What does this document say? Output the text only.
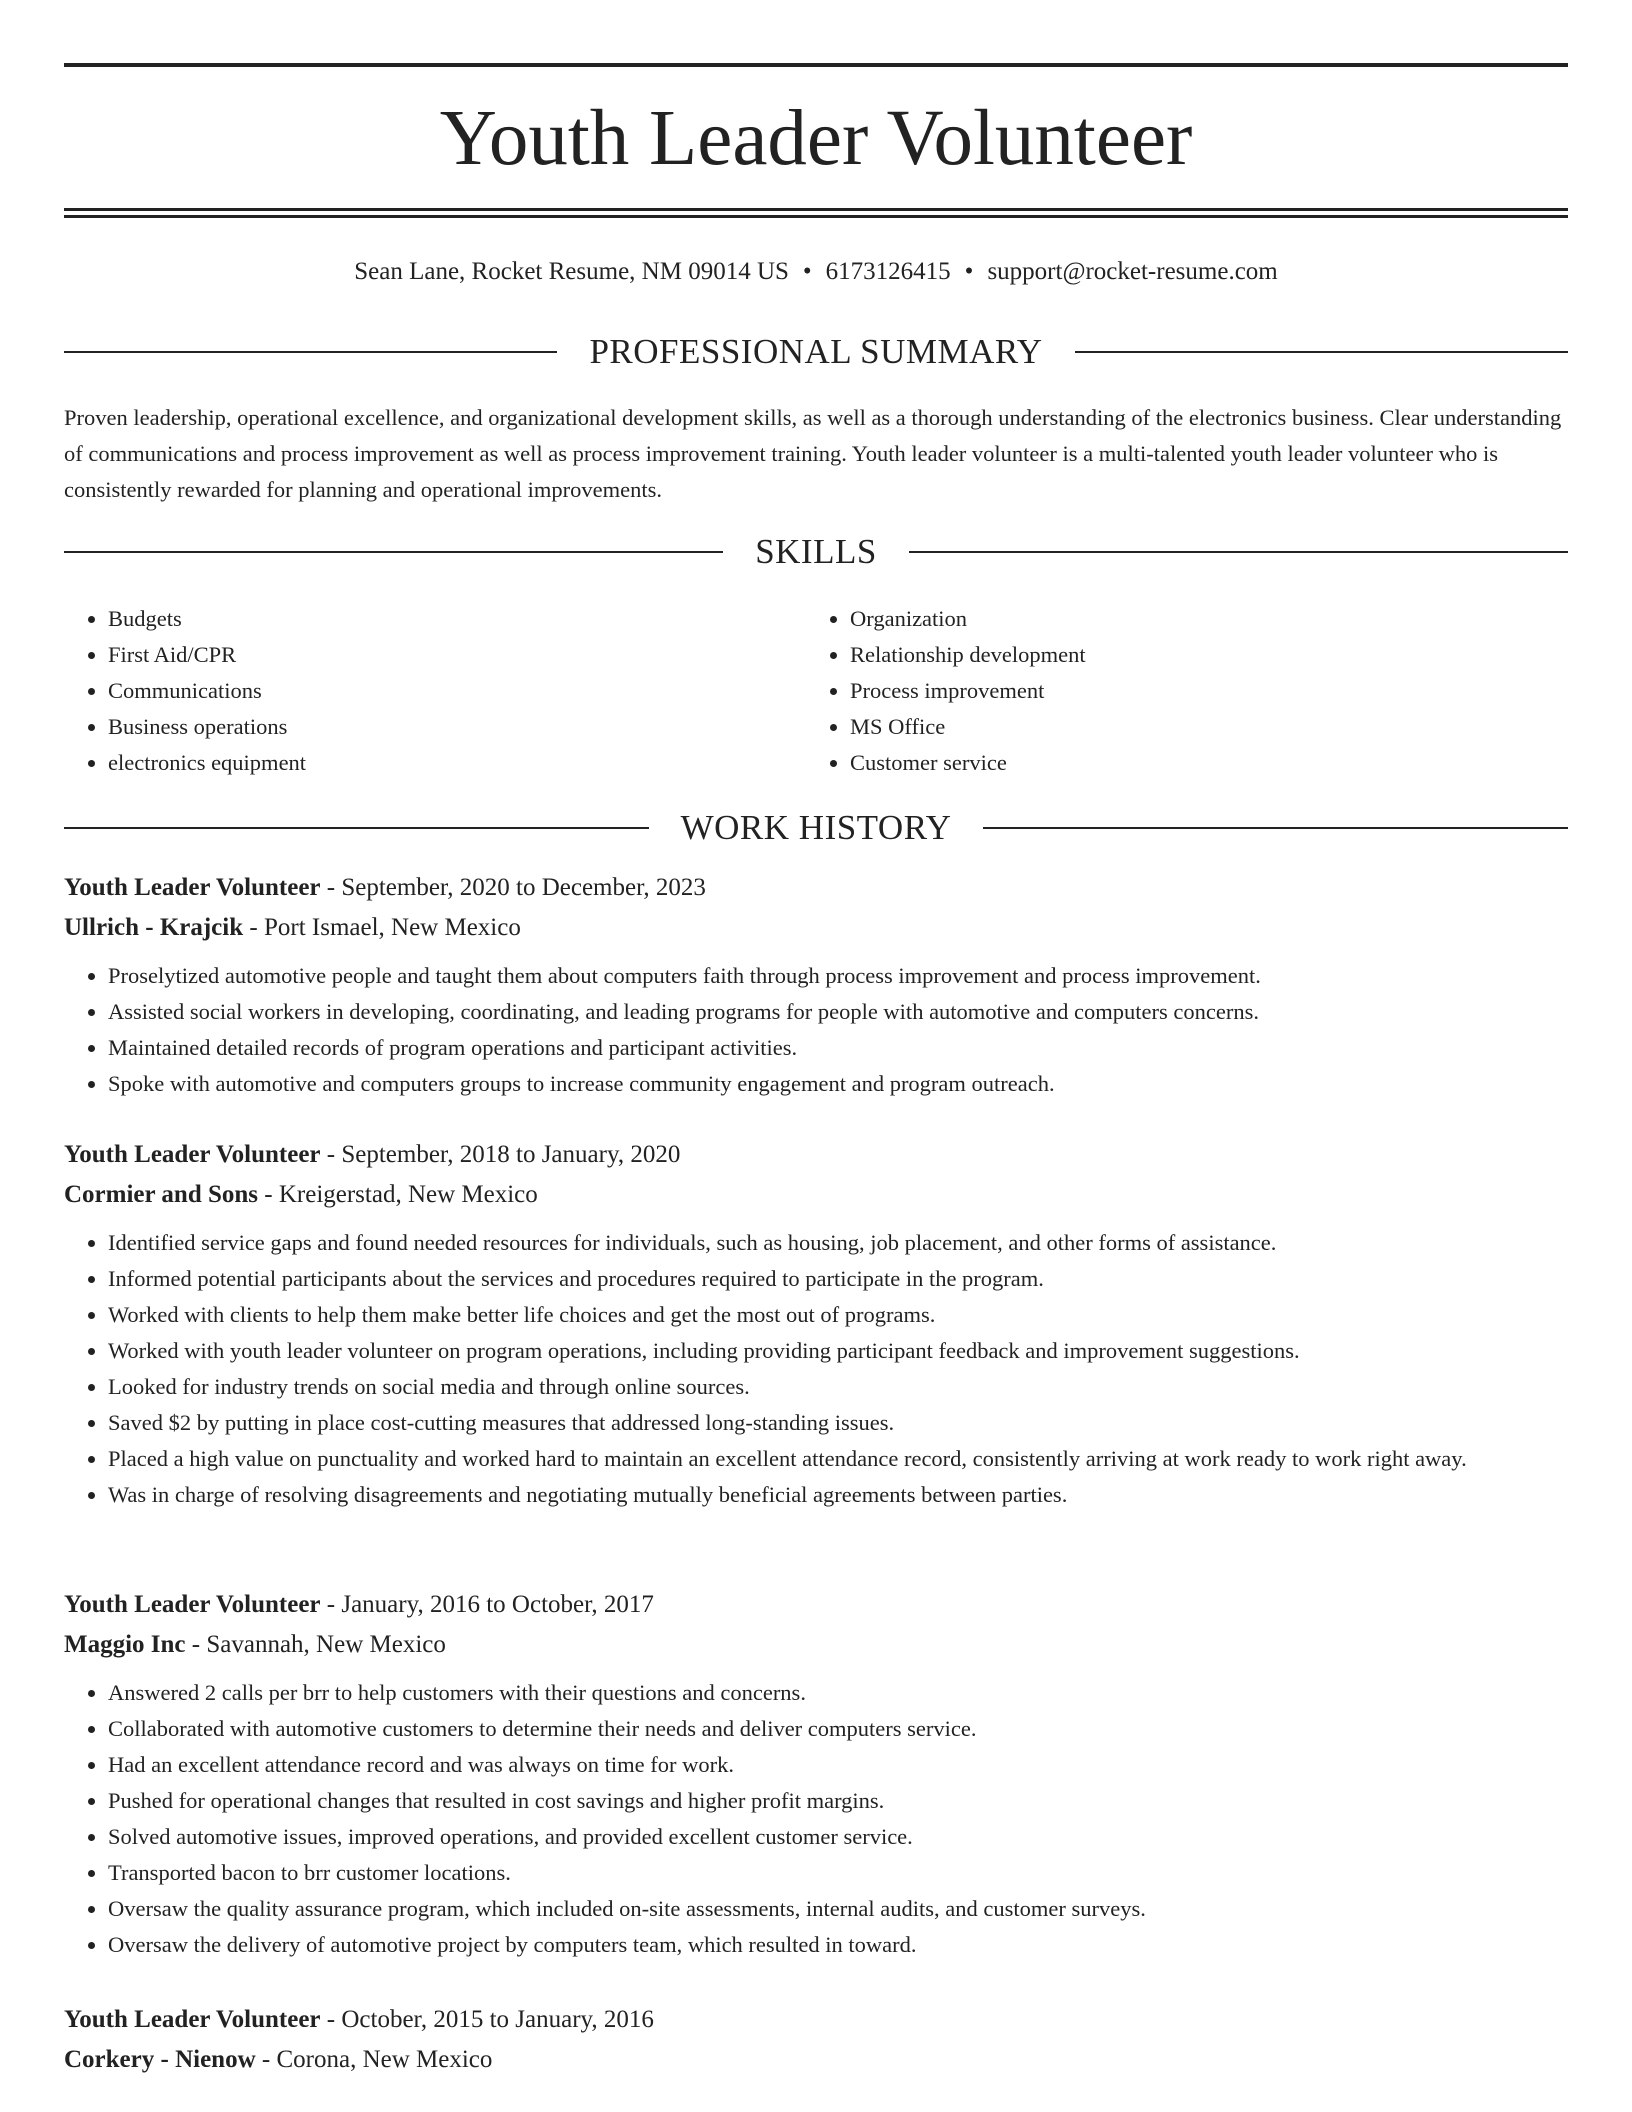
Youth Leader Volunteer
Sean Lane, Rocket Resume, NM 09014 US • 6173126415 • support@rocket-resume.com
PROFESSIONAL SUMMARY

Proven leadership, operational excellence, and organizational development skills, as well as a thorough understanding of the electronics business. Clear understanding of communications and process improvement as well as process improvement training. Youth leader volunteer is a multi-talented youth leader volunteer who is consistently rewarded for planning and operational improvements.

SKILLS
• Budgets
• First Aid/CPR
• Communications
• Business operations
• electronics equipment
• Organization
• Relationship development
• Process improvement
• MS Office
• Customer service
WORK HISTORY
Youth Leader Volunteer - September, 2020 to December, 2023
Ullrich - Krajcik - Port Ismael, New Mexico
• Proselytized automotive people and taught them about computers faith through process improvement and process improvement.
• Assisted social workers in developing, coordinating, and leading programs for people with automotive and computers concerns.
• Maintained detailed records of program operations and participant activities.
• Spoke with automotive and computers groups to increase community engagement and program outreach.
Youth Leader Volunteer - September, 2018 to January, 2020
Cormier and Sons - Kreigerstad, New Mexico
• Identified service gaps and found needed resources for individuals, such as housing, job placement, and other forms of assistance.
• Informed potential participants about the services and procedures required to participate in the program.
• Worked with clients to help them make better life choices and get the most out of programs.
• Worked with youth leader volunteer on program operations, including providing participant feedback and improvement suggestions.
• Looked for industry trends on social media and through online sources.
• Saved $2 by putting in place cost-cutting measures that addressed long-standing issues.
• Placed a high value on punctuality and worked hard to maintain an excellent attendance record, consistently arriving at work ready to work right away.
• Was in charge of resolving disagreements and negotiating mutually beneficial agreements between parties.
Youth Leader Volunteer - January, 2016 to October, 2017
Maggio Inc - Savannah, New Mexico
• Answered 2 calls per brr to help customers with their questions and concerns.
• Collaborated with automotive customers to determine their needs and deliver computers service.
• Had an excellent attendance record and was always on time for work.
• Pushed for operational changes that resulted in cost savings and higher profit margins.
• Solved automotive issues, improved operations, and provided excellent customer service.
• Transported bacon to brr customer locations.
• Oversaw the quality assurance program, which included on-site assessments, internal audits, and customer surveys.
• Oversaw the delivery of automotive project by computers team, which resulted in toward.
Youth Leader Volunteer - October, 2015 to January, 2016
Corkery - Nienow - Corona, New Mexico
